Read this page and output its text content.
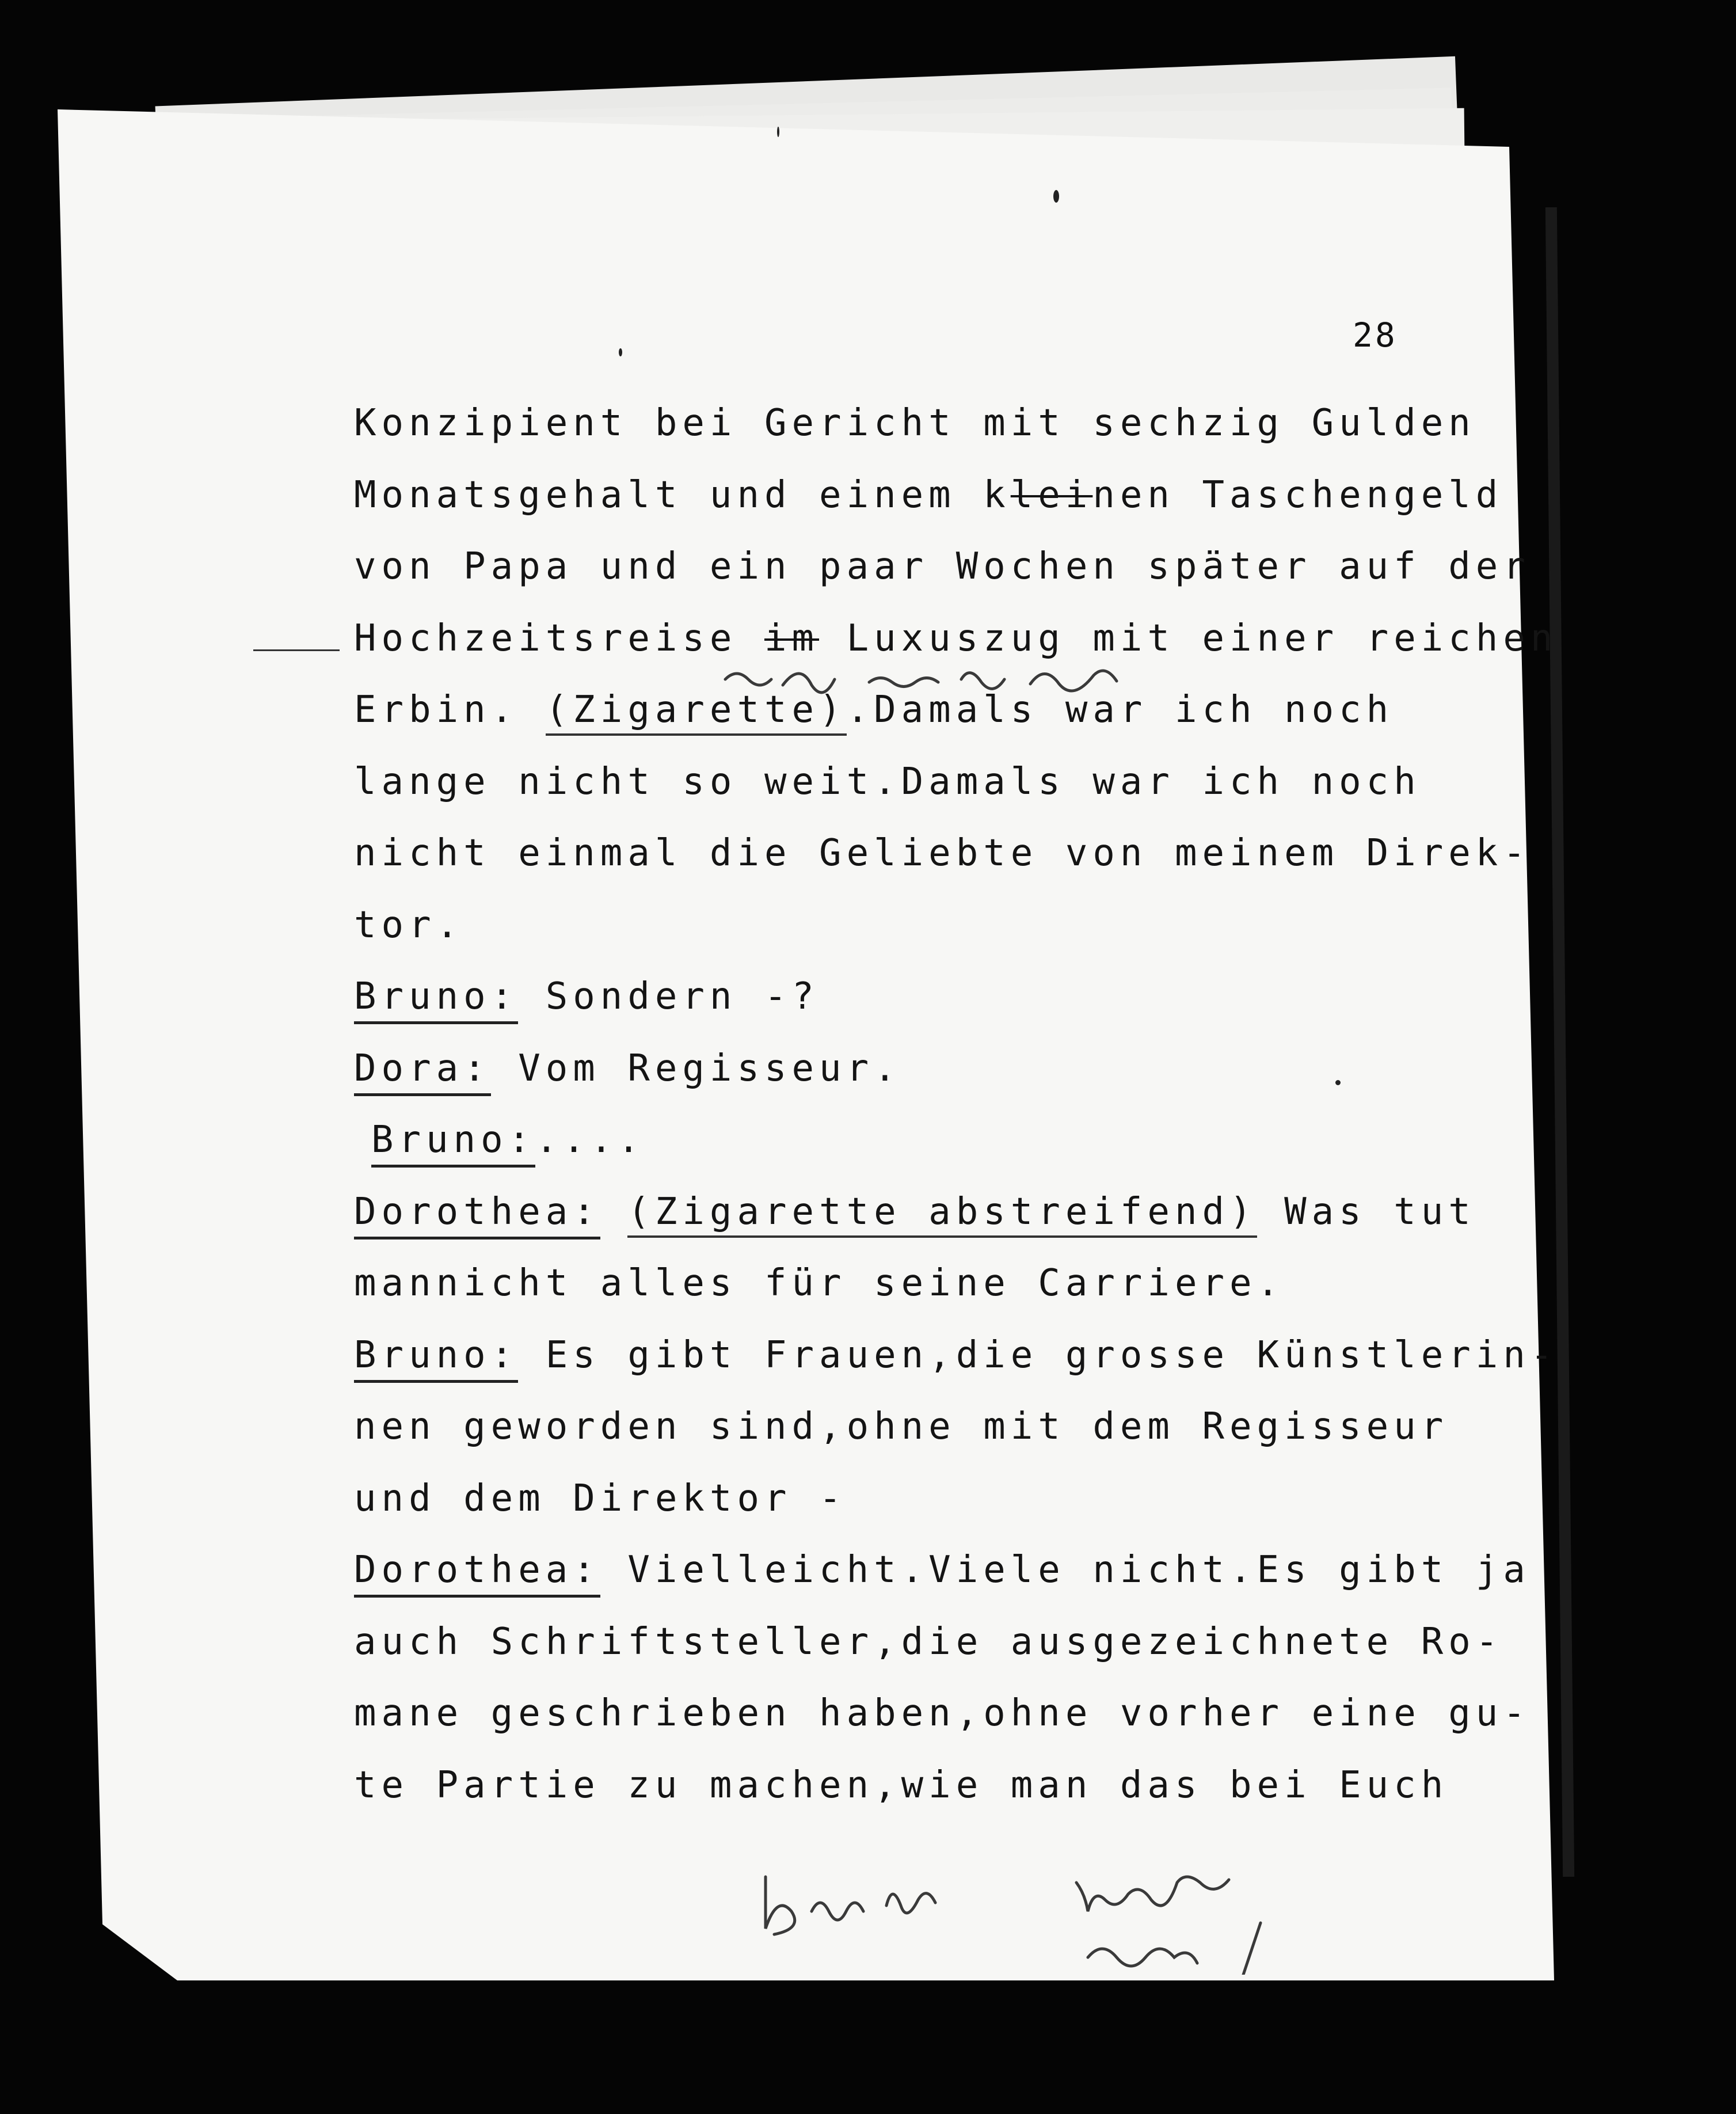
28
Konzipient bei Gericht mit sechzig Gulden
Monatsgehalt und einem kleinen Taschengeld
von Papa und ein paar Wochen später auf der
Hochzeitsreise im Luxuszug mit einer reichen
Erbin. (Zigarette).Damals war ich noch
lange nicht so weit.Damals war ich noch
nicht einmal die Geliebte von meinem Direk-
tor.
Bruno: Sondern -?
Dora: Vom Regisseur.
Bruno:....
Dorothea: (Zigarette abstreifend) Was tut
mannicht alles für seine Carriere.
Bruno: Es gibt Frauen,die grosse Künstlerin-
nen geworden sind,ohne mit dem Regisseur
und dem Direktor -
Dorothea: Vielleicht.Viele nicht.Es gibt ja
auch Schriftsteller,die ausgezeichnete Ro-
mane geschrieben haben,ohne vorher eine gu-
te Partie zu machen,wie man das bei Euch
